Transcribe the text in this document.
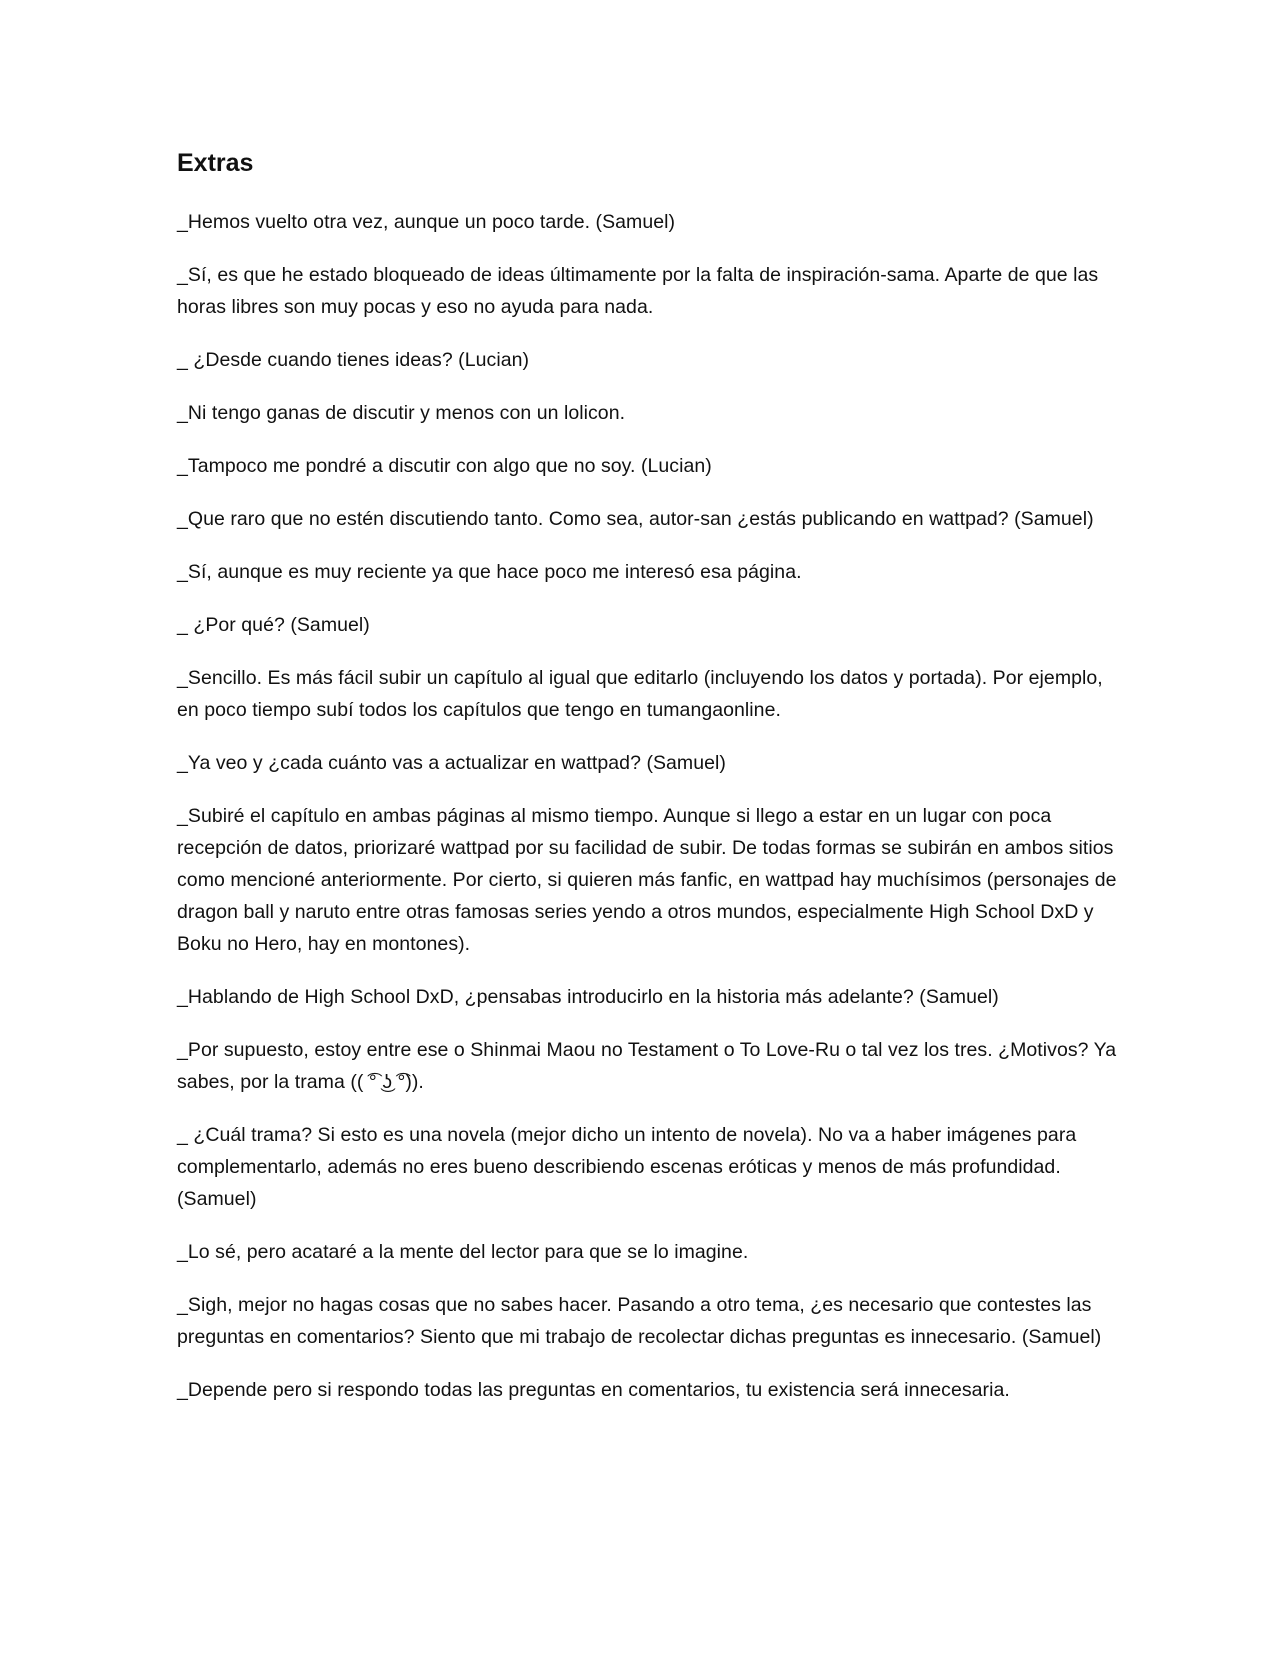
Extras

_Hemos vuelto otra vez, aunque un poco tarde. (Samuel)

_Sí, es que he estado bloqueado de ideas últimamente por la falta de inspiración-sama. Aparte de que las horas libres son muy pocas y eso no ayuda para nada.

_ ¿Desde cuando tienes ideas? (Lucian)

_Ni tengo ganas de discutir y menos con un lolicon.

_Tampoco me pondré a discutir con algo que no soy. (Lucian)

_Que raro que no estén discutiendo tanto. Como sea, autor-san ¿estás publicando en wattpad? (Samuel)

_Sí, aunque es muy reciente ya que hace poco me interesó esa página.

_ ¿Por qué? (Samuel)

_Sencillo. Es más fácil subir un capítulo al igual que editarlo (incluyendo los datos y portada). Por ejemplo, en poco tiempo subí todos los capítulos que tengo en tumangaonline.

_Ya veo y ¿cada cuánto vas a actualizar en wattpad? (Samuel)

_Subiré el capítulo en ambas páginas al mismo tiempo. Aunque si llego a estar en un lugar con poca recepción de datos, priorizaré wattpad por su facilidad de subir. De todas formas se subirán en ambos sitios como mencioné anteriormente. Por cierto, si quieren más fanfic, en wattpad hay muchísimos (personajes de dragon ball y naruto entre otras famosas series yendo a otros mundos, especialmente High School DxD y Boku no Hero, hay en montones).

_Hablando de High School DxD, ¿pensabas introducirlo en la historia más adelante? (Samuel)

_Por supuesto, estoy entre ese o Shinmai Maou no Testament o To Love-Ru o tal vez los tres. ¿Motivos? Ya sabes, por la trama (( ͡° ͜ʖ ͡°)).

_ ¿Cuál trama? Si esto es una novela (mejor dicho un intento de novela). No va a haber imágenes para complementarlo, además no eres bueno describiendo escenas eróticas y menos de más profundidad. (Samuel)

_Lo sé, pero acataré a la mente del lector para que se lo imagine.

_Sigh, mejor no hagas cosas que no sabes hacer. Pasando a otro tema, ¿es necesario que contestes las preguntas en comentarios? Siento que mi trabajo de recolectar dichas preguntas es innecesario. (Samuel)

_Depende pero si respondo todas las preguntas en comentarios, tu existencia será innecesaria.
